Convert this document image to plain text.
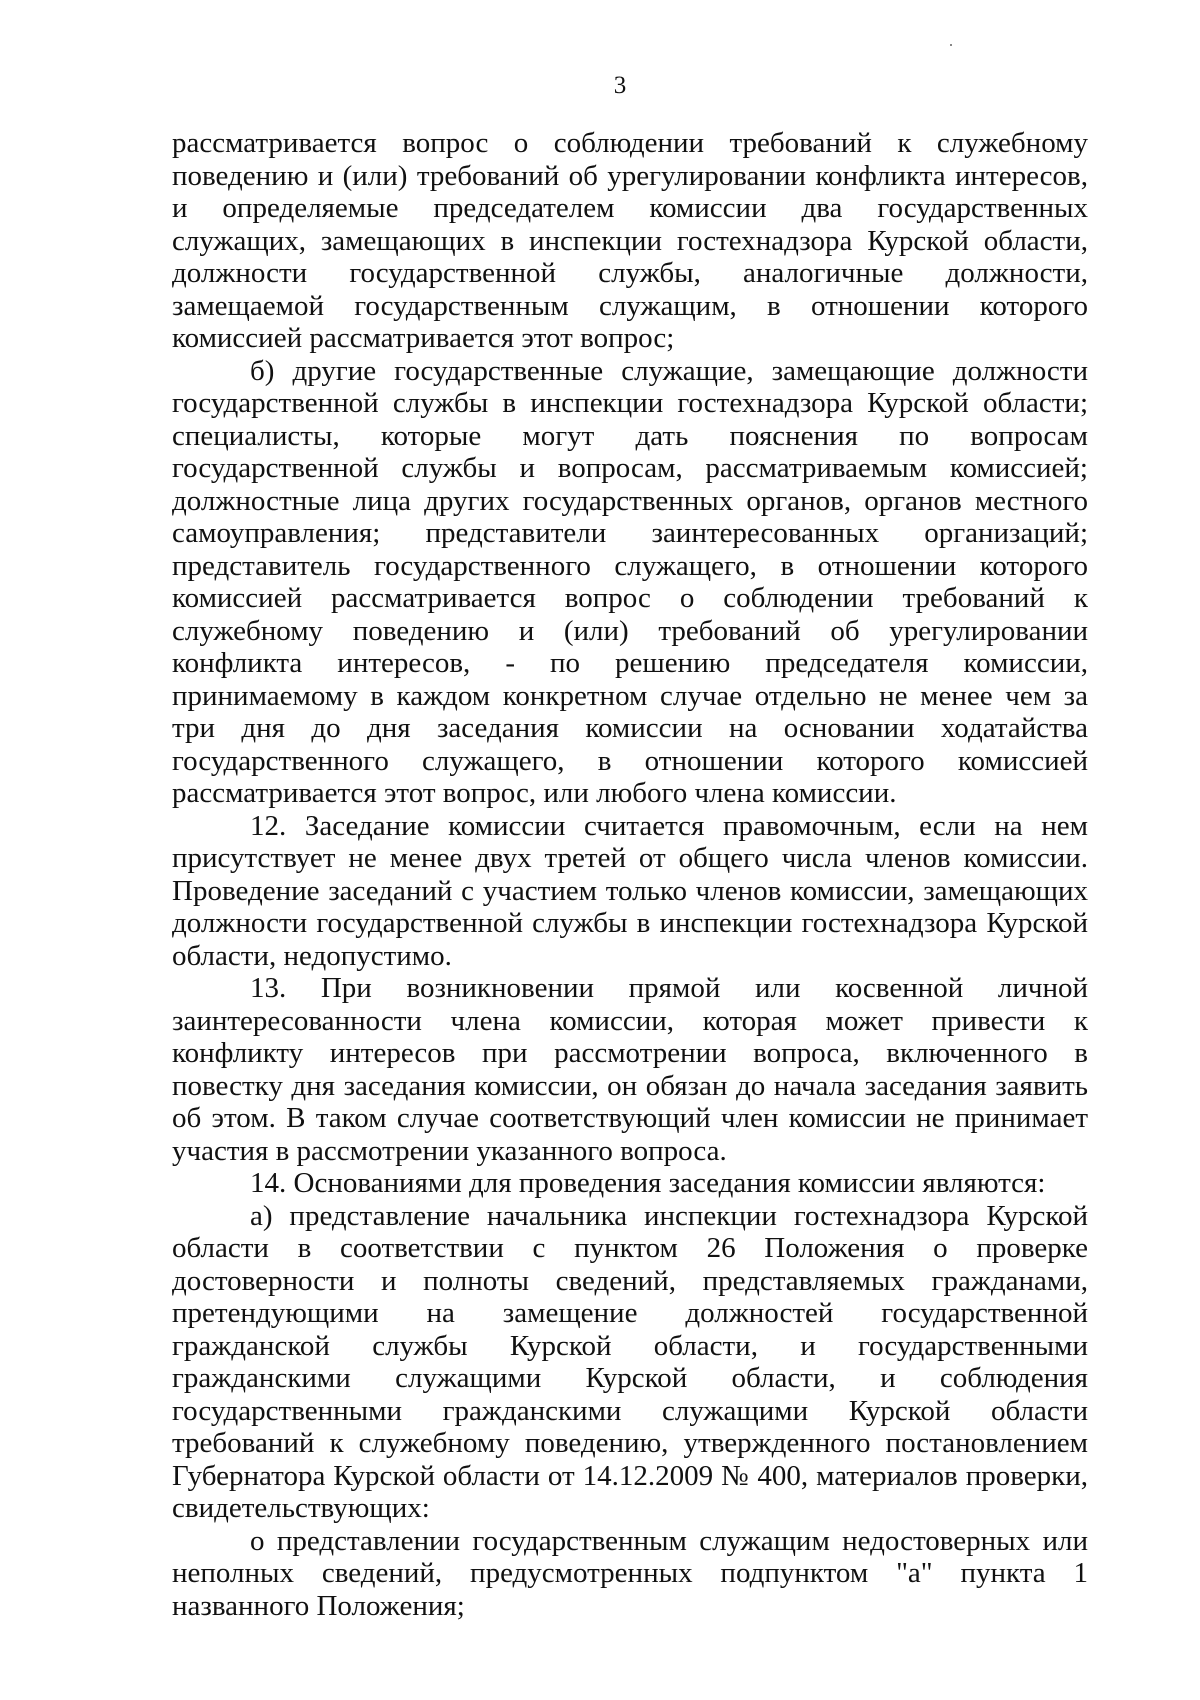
3

рассматривается вопрос о соблюдении требований к служебному поведению и (или) требований об урегулировании конфликта интересов, и определяемые председателем комиссии два государственных служащих, замещающих в инспекции гостехнадзора Курской области, должности государственной службы, аналогичные должности, замещаемой государственным служащим, в отношении которого комиссией рассматривается этот вопрос;

б) другие государственные служащие, замещающие должности государственной службы в инспекции гостехнадзора Курской области; специалисты, которые могут дать пояснения по вопросам государственной службы и вопросам, рассматриваемым комиссией; должностные лица других государственных органов, органов местного самоуправления; представители заинтересованных организаций; представитель государственного служащего, в отношении которого комиссией рассматривается вопрос о соблюдении требований к служебному поведению и (или) требований об урегулировании конфликта интересов, - по решению председателя комиссии, принимаемому в каждом конкретном случае отдельно не менее чем за три дня до дня заседания комиссии на основании ходатайства государственного служащего, в отношении которого комиссией рассматривается этот вопрос, или любого члена комиссии.

12. Заседание комиссии считается правомочным, если на нем присутствует не менее двух третей от общего числа членов комиссии. Проведение заседаний с участием только членов комиссии, замещающих должности государственной службы в инспекции гостехнадзора Курской области, недопустимо.

13. При возникновении прямой или косвенной личной заинтересованности члена комиссии, которая может привести к конфликту интересов при рассмотрении вопроса, включенного в повестку дня заседания комиссии, он обязан до начала заседания заявить об этом. В таком случае соответствующий член комиссии не принимает участия в рассмотрении указанного вопроса.

14. Основаниями для проведения заседания комиссии являются:

а) представление начальника инспекции гостехнадзора Курской области в соответствии с пунктом 26 Положения о проверке достоверности и полноты сведений, представляемых гражданами, претендующими на замещение должностей государственной гражданской службы Курской области, и государственными гражданскими служащими Курской области, и соблюдения государственными гражданскими служащими Курской области требований к служебному поведению, утвержденного постановлением Губернатора Курской области от 14.12.2009 № 400, материалов проверки, свидетельствующих:

о представлении государственным служащим недостоверных или неполных сведений, предусмотренных подпунктом "а" пункта 1 названного Положения;
